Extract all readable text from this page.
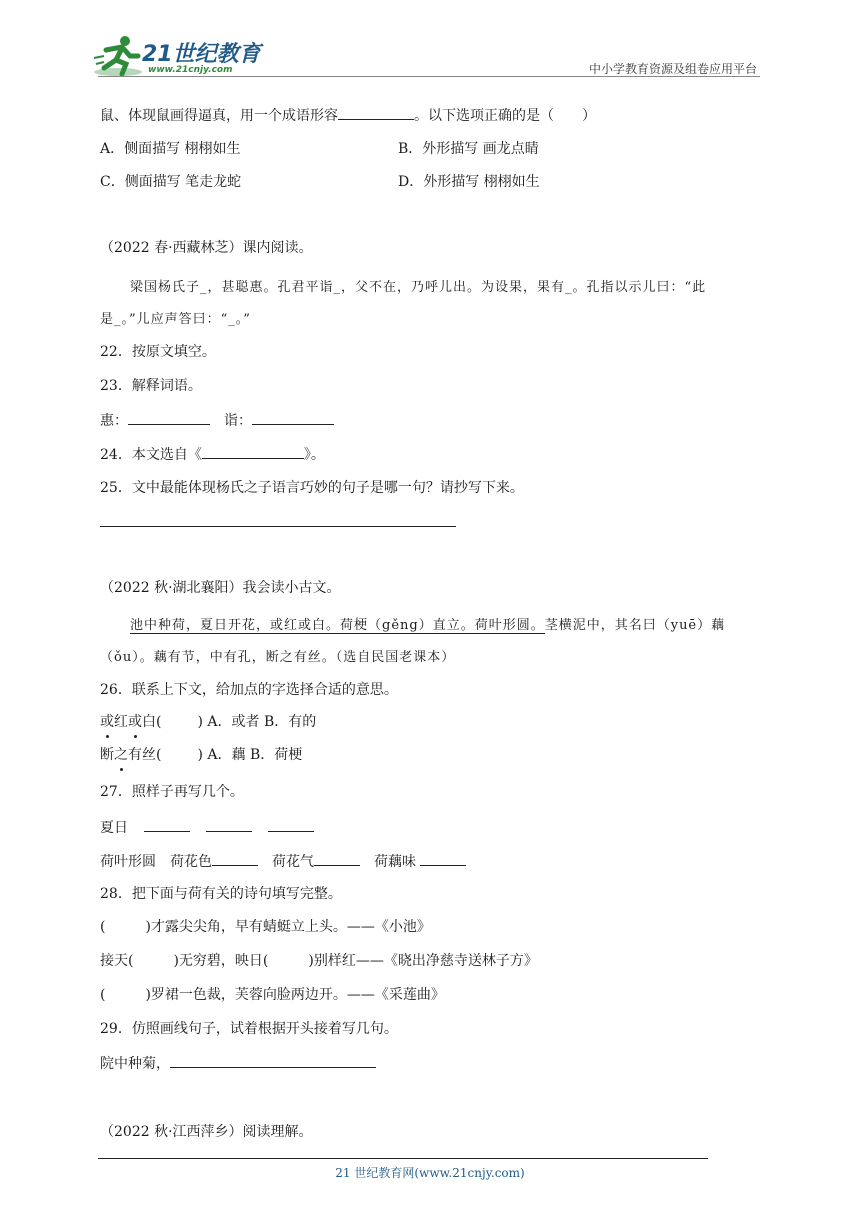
21世纪教育
www.21cnjy.com	中小学教育资源及组卷应用平台
鼠、体现鼠画得逼真，用一个成语形容	。以下选项正确的是（　　）
A．侧面描写 栩栩如生	B．外形描写 画龙点睛
C．侧面描写 笔走龙蛇	D．外形描写 栩栩如生
（2022 春·西藏林芝）课内阅读。
梁国杨氏子_，甚聪惠。孔君平诣_，父不在，乃呼儿出。为设果，果有_。孔指以示儿曰：“此
是_。”儿应声答曰：“_。”
22．按原文填空。
23．解释词语。
惠：	诣：
24．本文选自《	》。
25．文中最能体现杨氏之子语言巧妙的句子是哪一句？请抄写下来。
（2022 秋·湖北襄阳）我会读小古文。
池中种荷，夏日开花，或红或白。荷梗（gěng）直立。荷叶形圆。茎横泥中，其名曰（yuē）藕
（ǒu）。藕有节，中有孔，断之有丝。（选自民国老课本）
26．联系上下文，给加点的字选择合适的意思。
或红或白(	) A．或者 B．有的
断之有丝(	) A．藕 B．荷梗
27．照样子再写几个。
夏日
荷叶形圆 荷花色	荷花气	荷藕味
28．把下面与荷有关的诗句填写完整。
(	)才露尖尖角，早有蜻蜓立上头。——《小池》
接天(	)无穷碧，映日(	)别样红——《晓出净慈寺送林子方》
(	)罗裙一色裁，芙蓉向脸两边开。——《采莲曲》
29．仿照画线句子，试着根据开头接着写几句。
院中种菊，
（2022 秋·江西萍乡）阅读理解。
21 世纪教育网(www.21cnjy.com)
